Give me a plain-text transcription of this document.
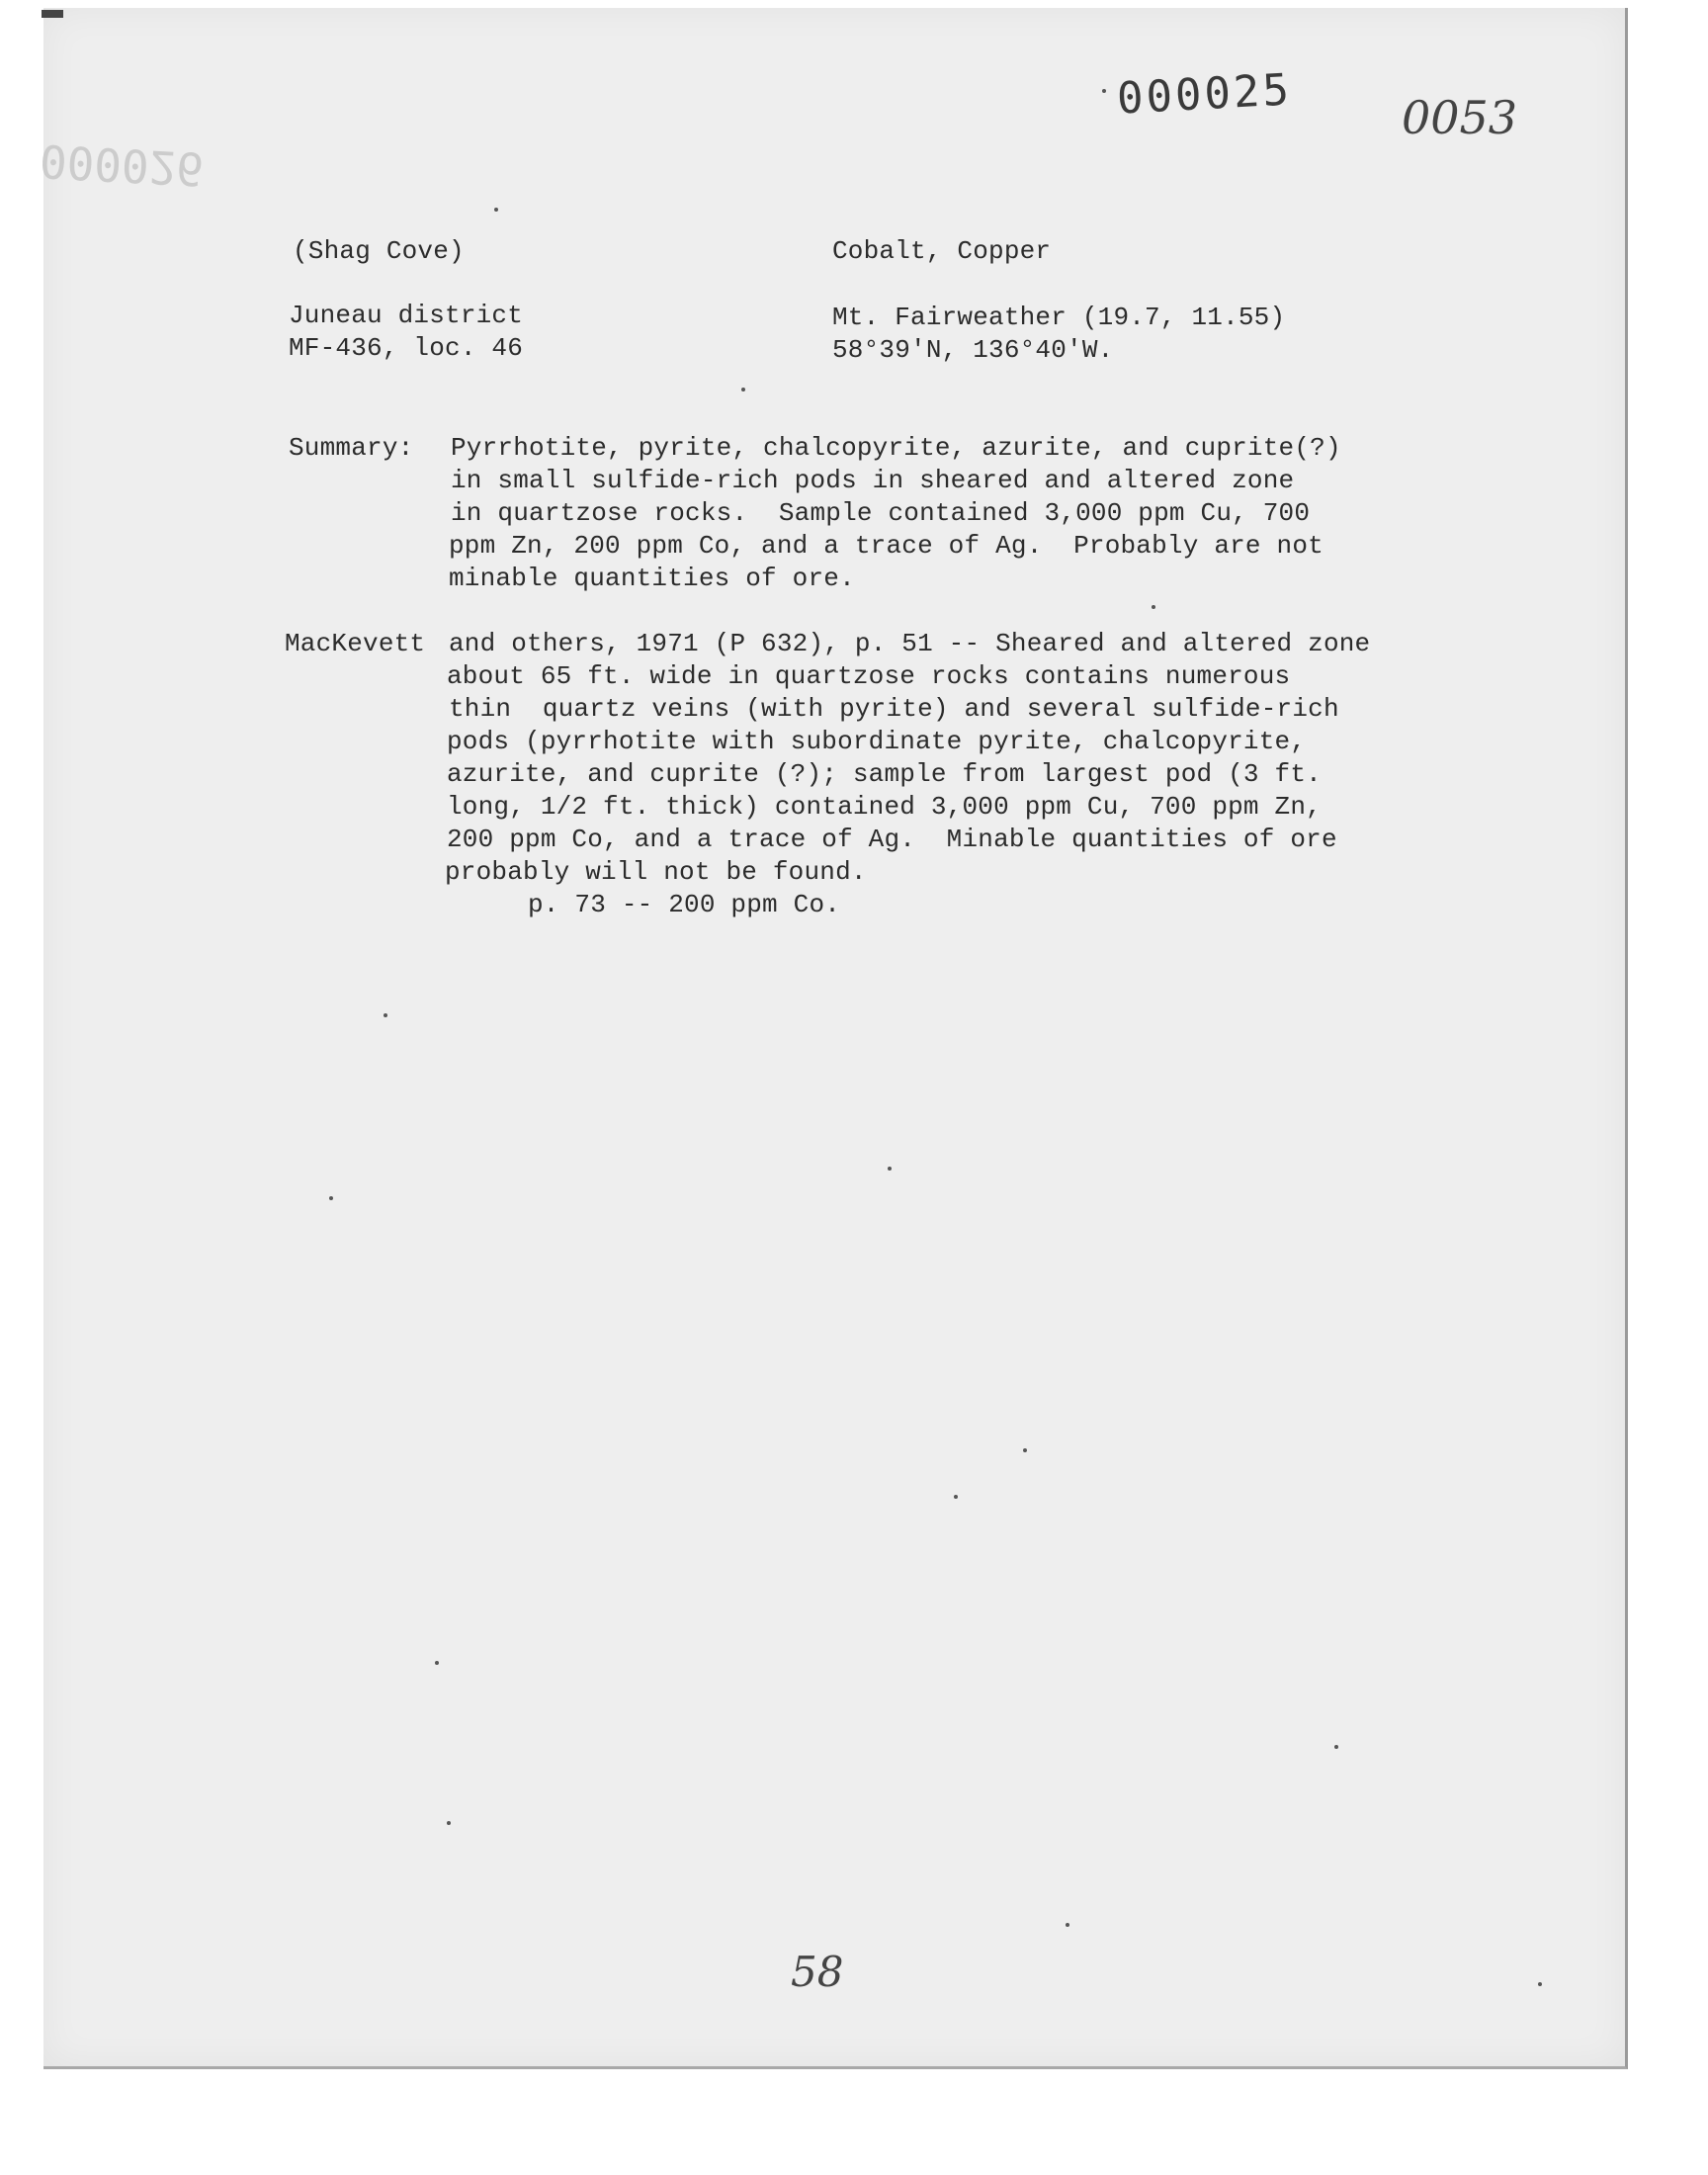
000026
000025 0053
(Shag Cove)
Juneau district
MF-436, loc. 46
Cobalt, Copper
Mt. Fairweather (19.7, 11.55)
58°39'N, 136°40'W.
Summary: Pyrrhotite, pyrite, chalcopyrite, azurite, and cuprite(?)
in small sulfide-rich pods in sheared and altered zone
in quartzose rocks.  Sample contained 3,000 ppm Cu, 700
ppm Zn, 200 ppm Co, and a trace of Ag.  Probably are not
minable quantities of ore.
MacKevett and others, 1971 (P 632), p. 51 -- Sheared and altered zone
about 65 ft. wide in quartzose rocks contains numerous
thin  quartz veins (with pyrite) and several sulfide-rich
pods (pyrrhotite with subordinate pyrite, chalcopyrite,
azurite, and cuprite (?); sample from largest pod (3 ft.
long, 1/2 ft. thick) contained 3,000 ppm Cu, 700 ppm Zn,
200 ppm Co, and a trace of Ag.  Minable quantities of ore
probably will not be found.
p. 73 -- 200 ppm Co.
58
